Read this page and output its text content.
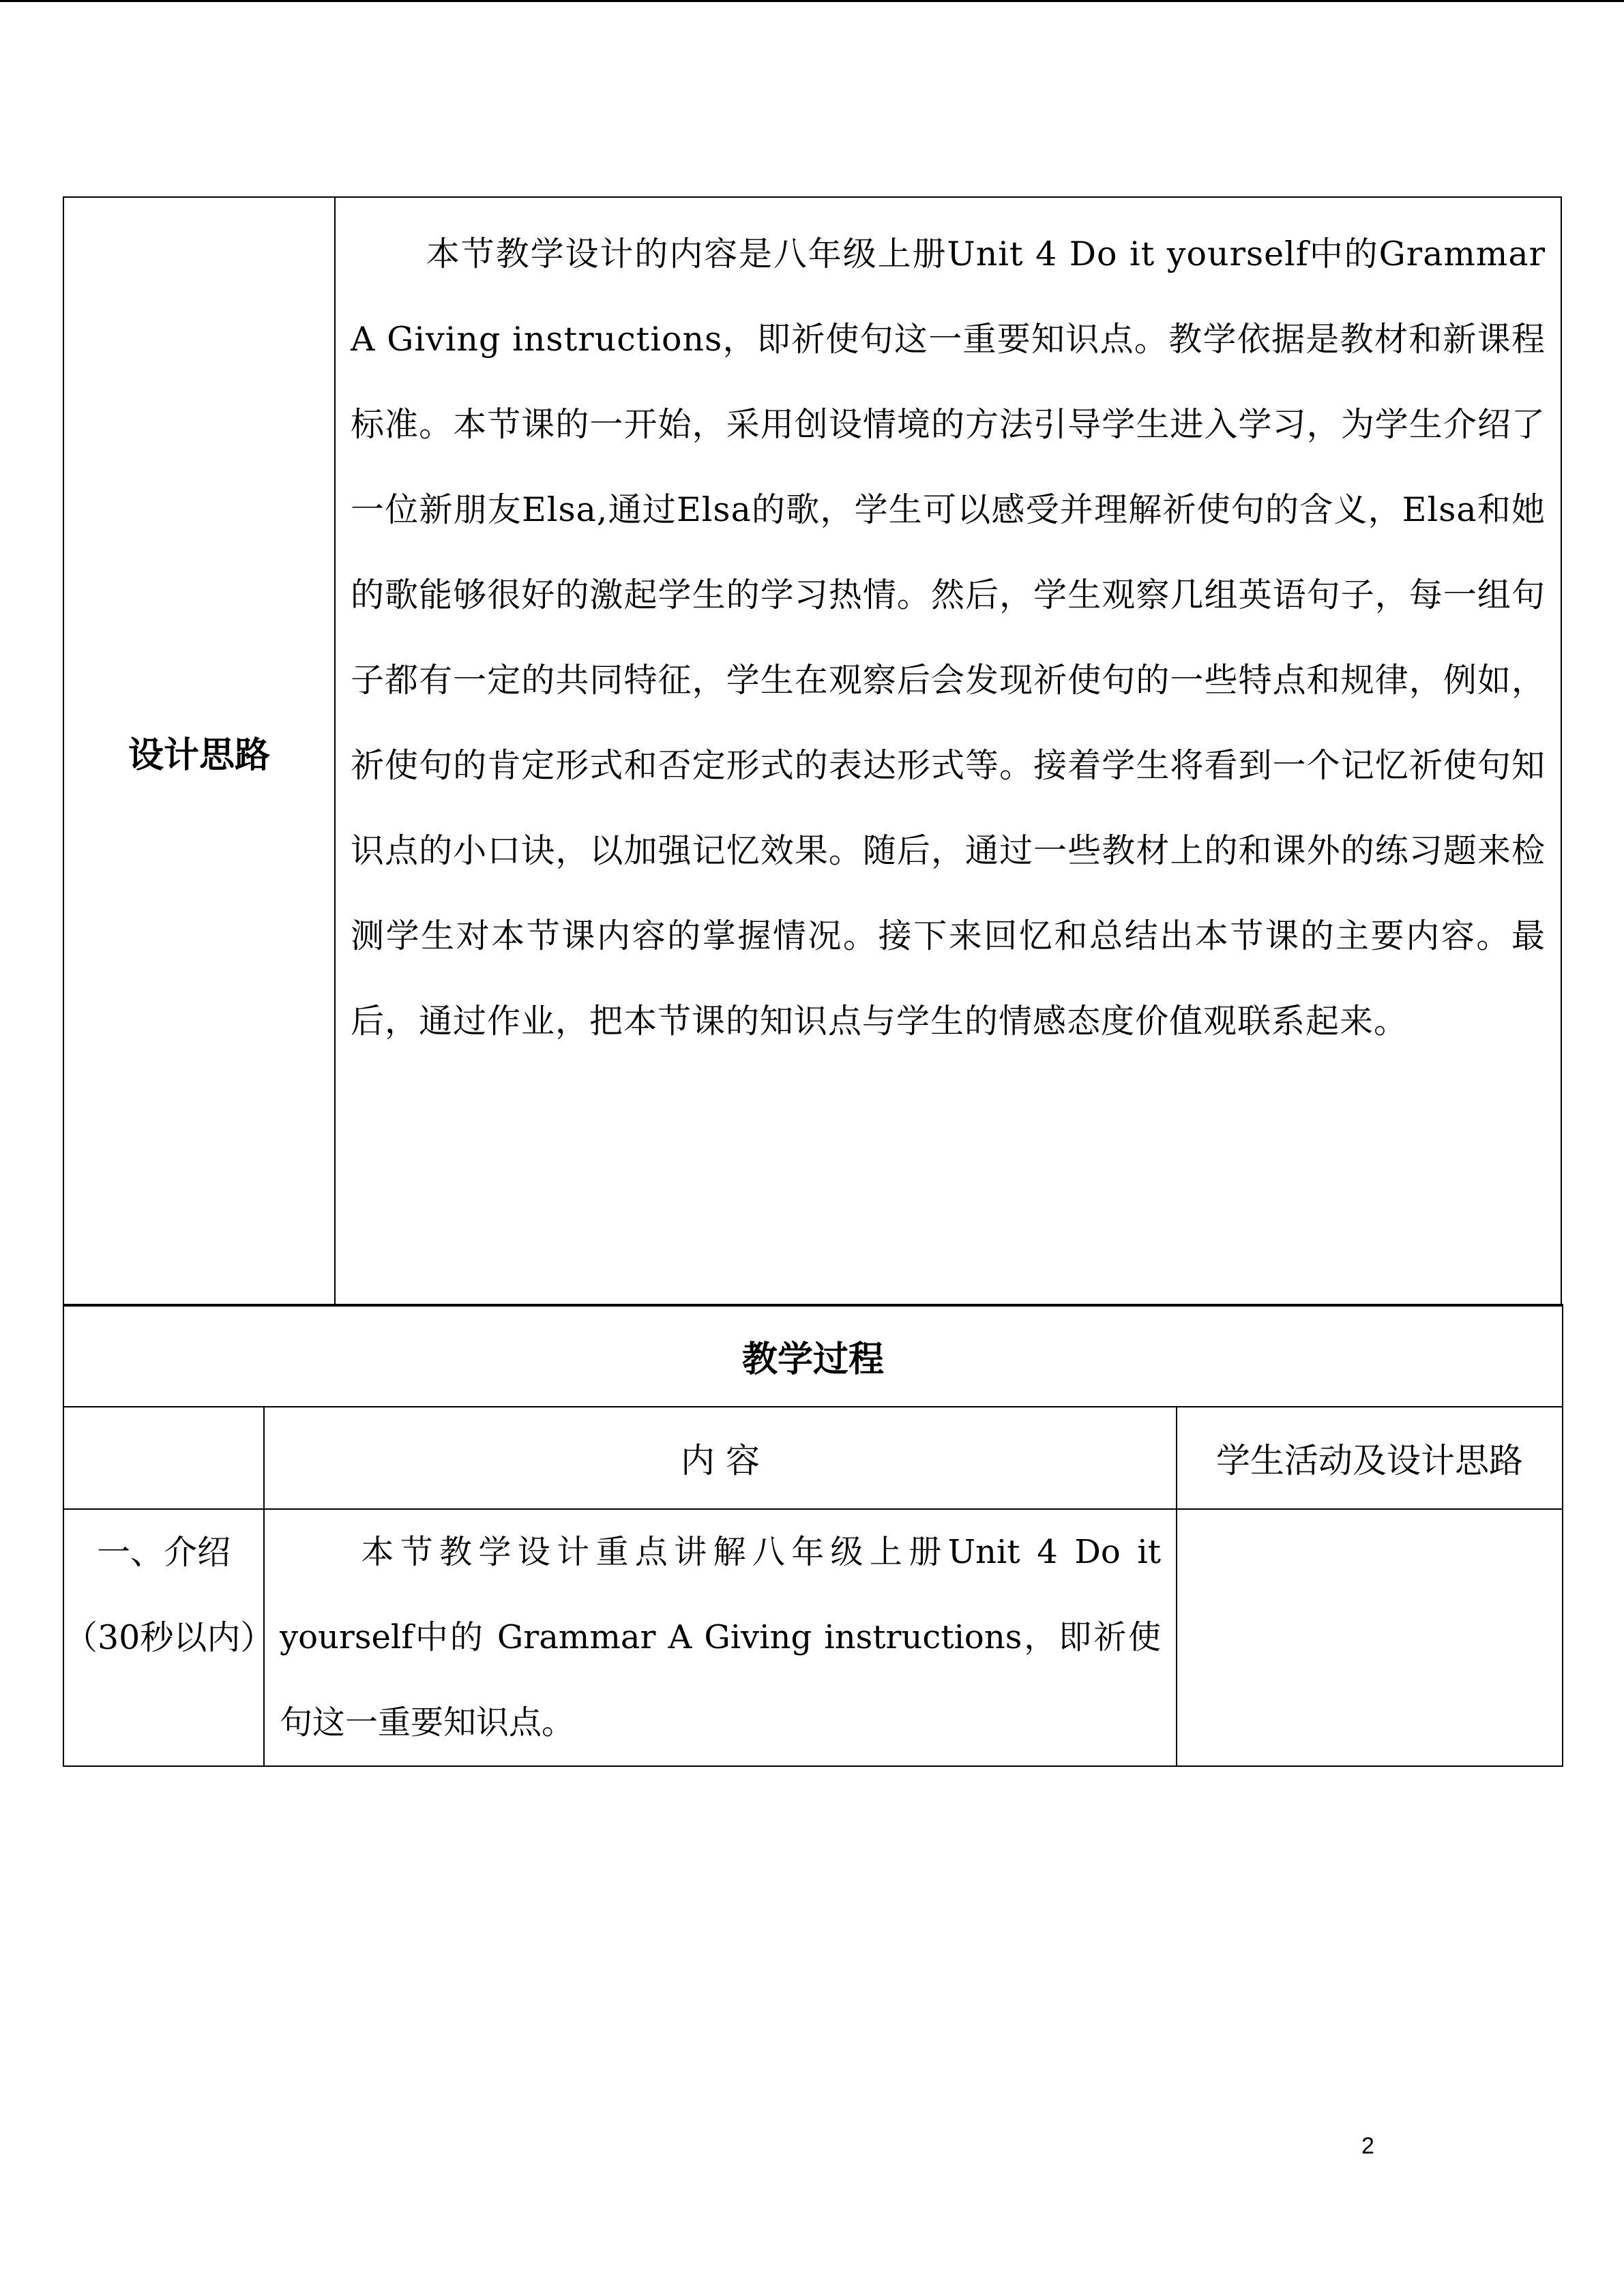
设计思路	本节教学设计的内容是八年级上册Unit 4 Do it yourself中的Grammar A Giving instructions，即祈使句这一重要知识点。教学依据是教材和新课程标准。本节课的一开始，采用创设情境的方法引导学生进入学习，为学生介绍了一位新朋友Elsa,通过Elsa的歌，学生可以感受并理解祈使句的含义，Elsa和她的歌能够很好的激起学生的学习热情。然后，学生观察几组英语句子，每一组句子都有一定的共同特征，学生在观察后会发现祈使句的一些特点和规律，例如，祈使句的肯定形式和否定形式的表达形式等。接着学生将看到一个记忆祈使句知识点的小口诀，以加强记忆效果。随后，通过一些教材上的和课外的练习题来检测学生对本节课内容的掌握情况。接下来回忆和总结出本节课的主要内容。最后，通过作业，把本节课的知识点与学生的情感态度价值观联系起来。
教学过程		
	内 容	学生活动及设计思路
一、介绍（30秒以内）	本节教学设计重点讲解八年级上册Unit 4 Do it yourself中的 Grammar A Giving instructions，即祈使句这一重要知识点。	
2
